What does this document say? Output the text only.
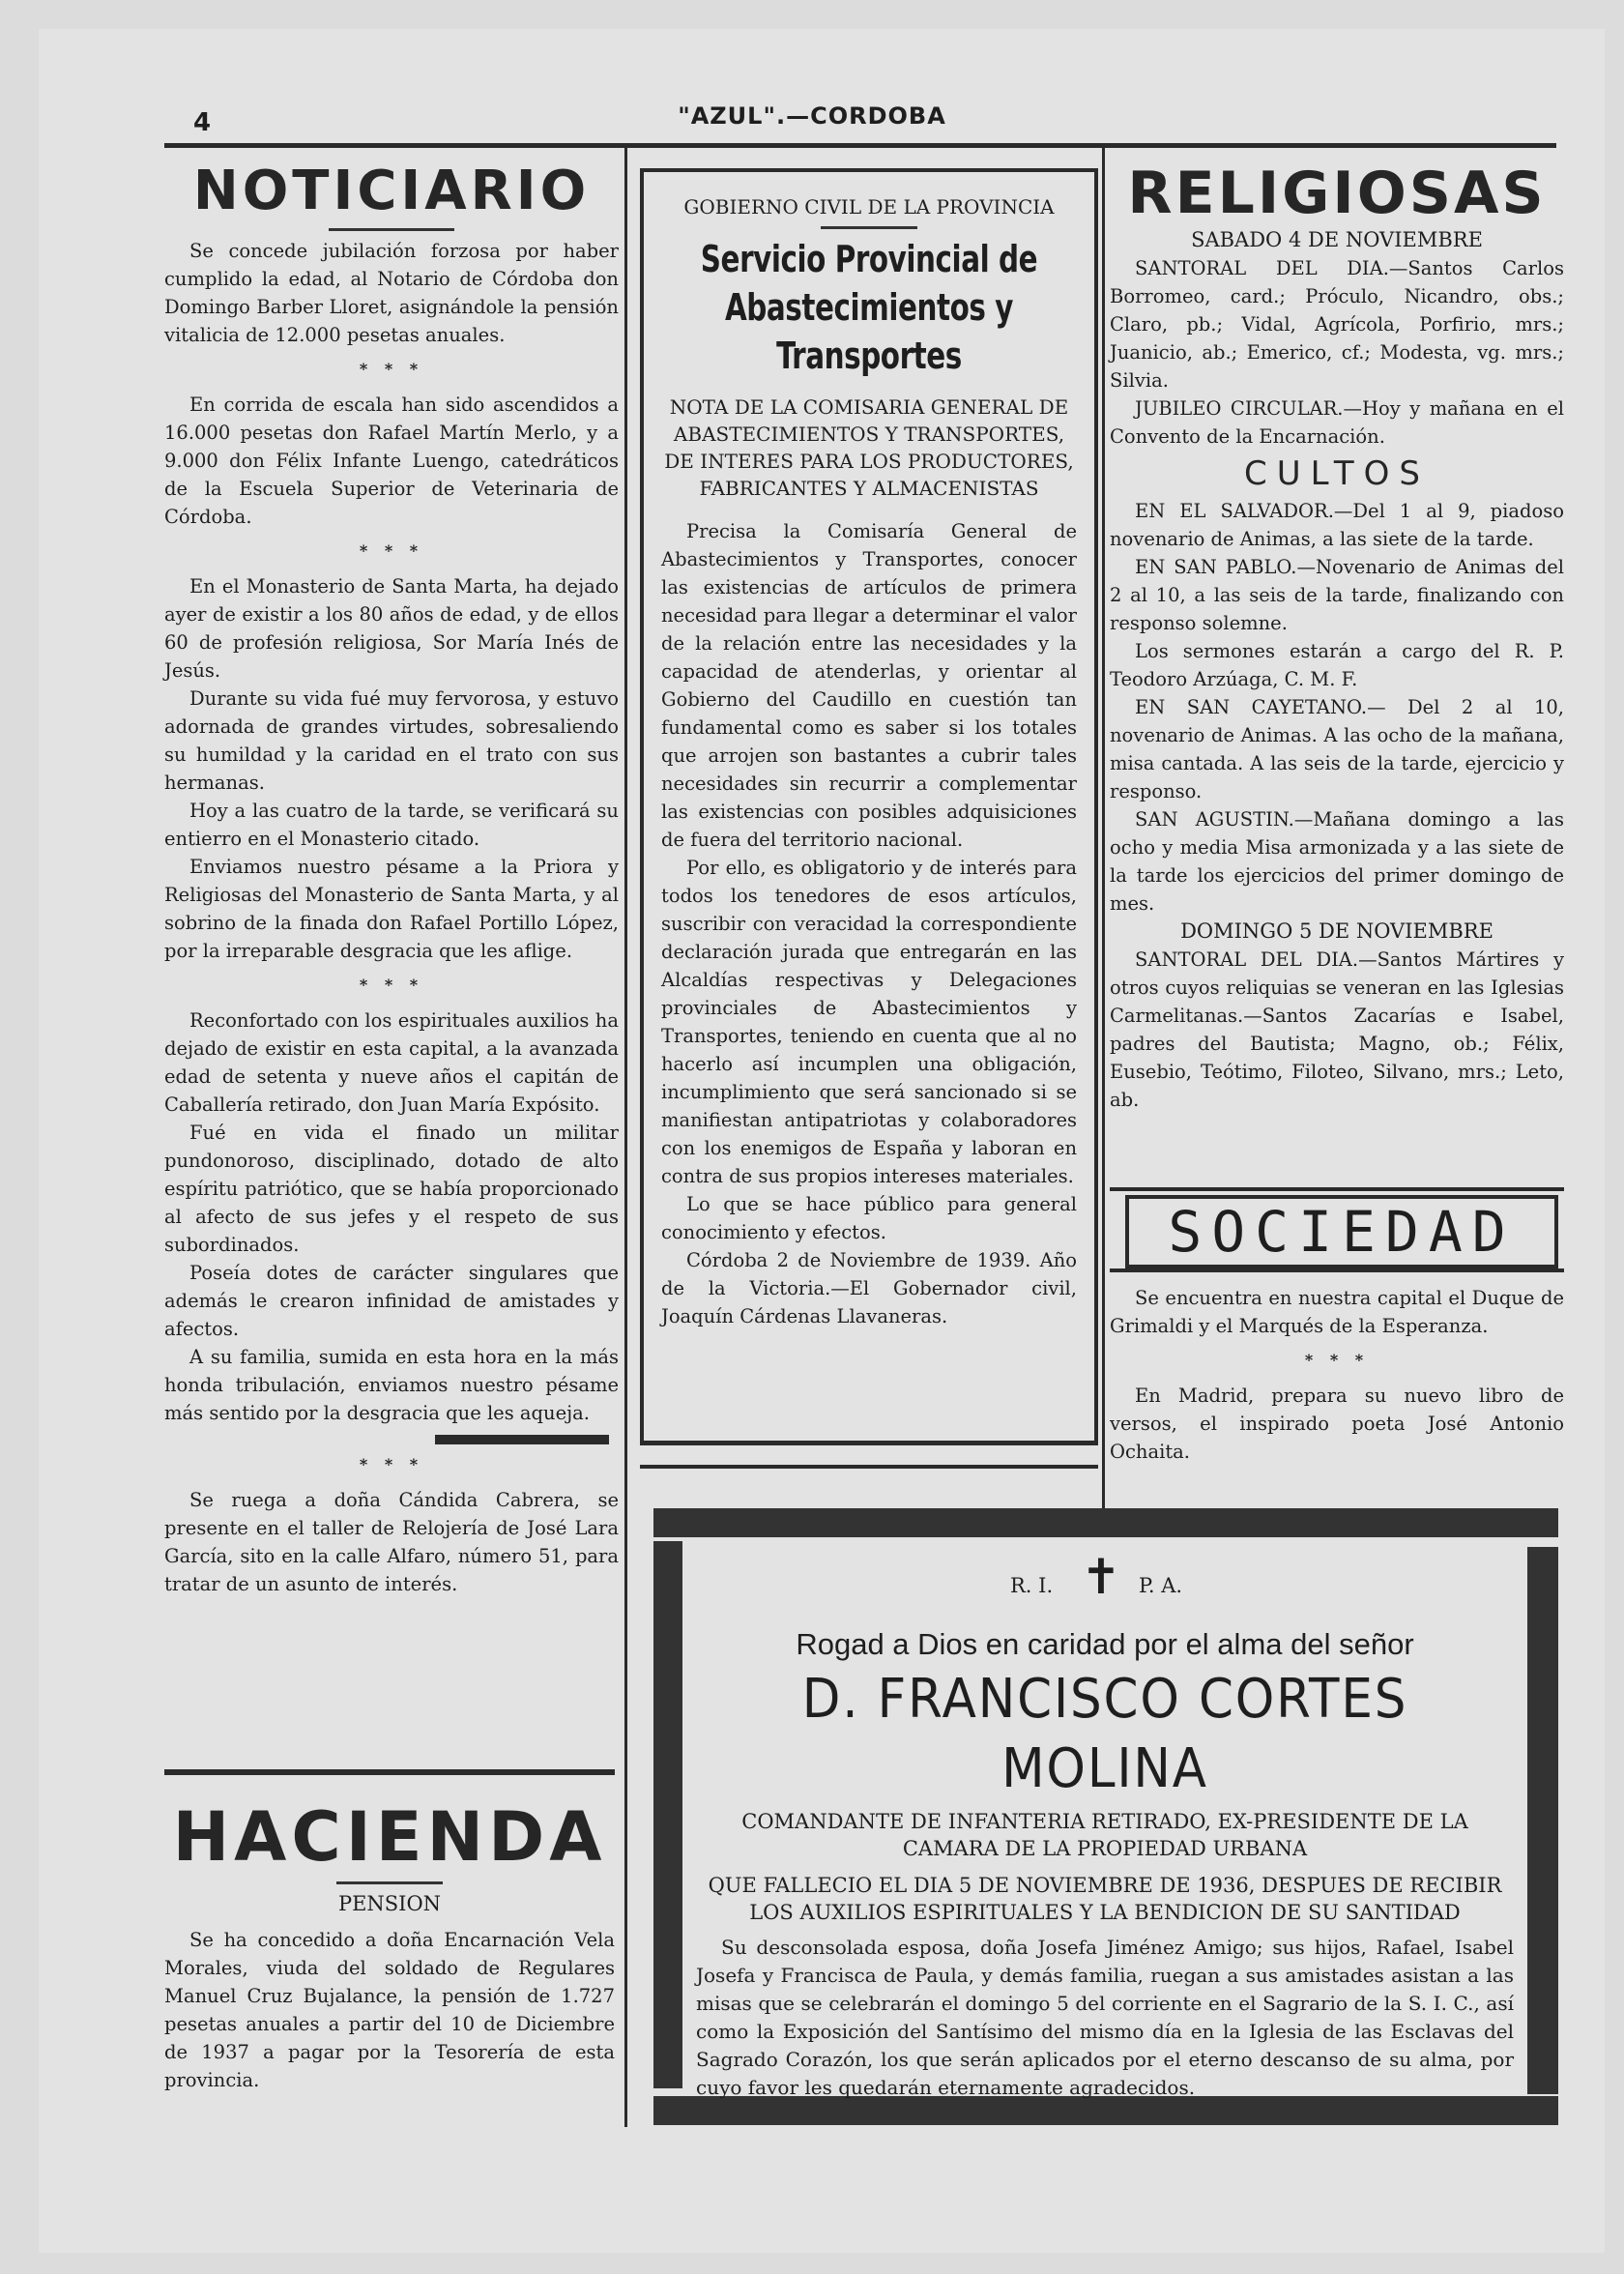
4	"AZUL".—CORDOBA
NOTICIARIO

Se concede jubilación forzosa por haber cumplido la edad, al Notario de Córdoba don Domingo Barber Lloret, asignándole la pensión vitalicia de 12.000 pesetas anuales.

* * *

En corrida de escala han sido ascendidos a 16.000 pesetas don Rafael Martín Merlo, y a 9.000 don Félix Infante Luengo, catedráticos de la Escuela Superior de Veterinaria de Córdoba.

* * *

En el Monasterio de Santa Marta, ha dejado ayer de existir a los 80 años de edad, y de ellos 60 de profesión religiosa, Sor María Inés de Jesús.

Durante su vida fué muy fervorosa, y estuvo adornada de grandes virtudes, sobresaliendo su humildad y la caridad en el trato con sus hermanas.

Hoy a las cuatro de la tarde, se verificará su entierro en el Monasterio citado.

Enviamos nuestro pésame a la Priora y Religiosas del Monasterio de Santa Marta, y al sobrino de la finada don Rafael Portillo López, por la irreparable desgracia que les aflige.

* * *

Reconfortado con los espirituales auxilios ha dejado de existir en esta capital, a la avanzada edad de setenta y nueve años el capitán de Caballería retirado, don Juan María Expósito.

Fué en vida el finado un militar pundonoroso, disciplinado, dotado de alto espíritu patriótico, que se había proporcionado al afecto de sus jefes y el respeto de sus subordinados.

Poseía dotes de carácter singulares que además le crearon infinidad de amistades y afectos.

A su familia, sumida en esta hora en la más honda tribulación, enviamos nuestro pésame más sentido por la desgracia que les aqueja.

* * *

Se ruega a doña Cándida Cabrera, se presente en el taller de Relojería de José Lara García, sito en la calle Alfaro, número 51, para tratar de un asunto de interés.

HACIENDA
PENSION

Se ha concedido a doña Encarnación Vela Morales, viuda del soldado de Regulares Manuel Cruz Bujalance, la pensión de 1.727 pesetas anuales a partir del 10 de Diciembre de 1937 a pagar por la Tesorería de esta provincia.

GOBIERNO CIVIL DE LA PROVINCIA
Servicio Provincial de Abastecimientos y Transportes
NOTA DE LA COMISARIA GENERAL DE ABASTECIMIENTOS Y TRANSPORTES, DE INTERES PARA LOS PRODUCTORES, FABRICANTES Y ALMACENISTAS

Precisa la Comisaría General de Abastecimientos y Transportes, conocer las existencias de artículos de primera necesidad para llegar a determinar el valor de la relación entre las necesidades y la capacidad de atenderlas, y orientar al Gobierno del Caudillo en cuestión tan fundamental como es saber si los totales que arrojen son bastantes a cubrir tales necesidades sin recurrir a complementar las existencias con posibles adquisiciones de fuera del territorio nacional.

Por ello, es obligatorio y de interés para todos los tenedores de esos artículos, suscribir con veracidad la correspondiente declaración jurada que entregarán en las Alcaldías respectivas y Delegaciones provinciales de Abastecimientos y Transportes, teniendo en cuenta que al no hacerlo así incumplen una obligación, incumplimiento que será sancionado si se manifiestan antipatriotas y colaboradores con los enemigos de España y laboran en contra de sus propios intereses materiales.

Lo que se hace público para general conocimiento y efectos.

Córdoba 2 de Noviembre de 1939. Año de la Victoria.—El Gobernador civil, Joaquín Cárdenas Llavaneras.

RELIGIOSAS
SABADO 4 DE NOVIEMBRE

SANTORAL DEL DIA.—Santos Carlos Borromeo, card.; Próculo, Nicandro, obs.; Claro, pb.; Vidal, Agrícola, Porfirio, mrs.; Juanicio, ab.; Emerico, cf.; Modesta, vg. mrs.; Silvia.

JUBILEO CIRCULAR.—Hoy y mañana en el Convento de la Encarnación.

CULTOS

EN EL SALVADOR.—Del 1 al 9, piadoso novenario de Animas, a las siete de la tarde.

EN SAN PABLO.—Novenario de Animas del 2 al 10, a las seis de la tarde, finalizando con responso solemne.

Los sermones estarán a cargo del R. P. Teodoro Arzúaga, C. M. F.

EN SAN CAYETANO.— Del 2 al 10, novenario de Animas. A las ocho de la mañana, misa cantada. A las seis de la tarde, ejercicio y responso.

SAN AGUSTIN.—Mañana domingo a las ocho y media Misa armonizada y a las siete de la tarde los ejercicios del primer domingo de mes.

DOMINGO 5 DE NOVIEMBRE

SANTORAL DEL DIA.—Santos Mártires y otros cuyos reliquias se veneran en las Iglesias Carmelitanas.—Santos Zacarías e Isabel, padres del Bautista; Magno, ob.; Félix, Eusebio, Teótimo, Filoteo, Silvano, mrs.; Leto, ab.

SOCIEDAD

Se encuentra en nuestra capital el Duque de Grimaldi y el Marqués de la Esperanza.

* * *

En Madrid, prepara su nuevo libro de versos, el inspirado poeta José Antonio Ochaita.

R. I. ✝ P. A.
Rogad a Dios en caridad por el alma del señor
D. FRANCISCO CORTES MOLINA
COMANDANTE DE INFANTERIA RETIRADO, EX-PRESIDENTE DE LA CAMARA DE LA PROPIEDAD URBANA
QUE FALLECIO EL DIA 5 DE NOVIEMBRE DE 1936, DESPUES DE RECIBIR LOS AUXILIOS ESPIRITUALES Y LA BENDICION DE SU SANTIDAD

Su desconsolada esposa, doña Josefa Jiménez Amigo; sus hijos, Rafael, Isabel Josefa y Francisca de Paula, y demás familia, ruegan a sus amistades asistan a las misas que se celebrarán el domingo 5 del corriente en el Sagrario de la S. I. C., así como la Exposición del Santísimo del mismo día en la Iglesia de las Esclavas del Sagrado Corazón, los que serán aplicados por el eterno descanso de su alma, por cuyo favor les quedarán eternamente agradecidos.
